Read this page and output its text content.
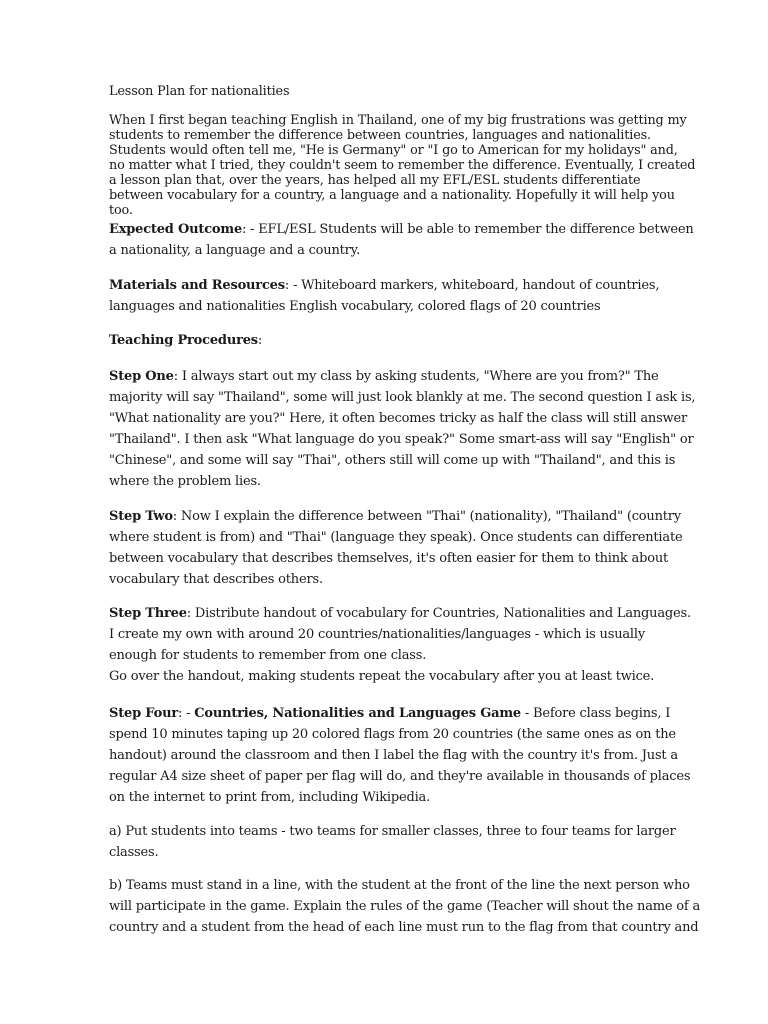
Lesson Plan for nationalities
When I first began teaching English in Thailand, one of my big frustrations was getting my
students to remember the difference between countries, languages and nationalities.
Students would often tell me, "He is Germany" or "I go to American for my holidays" and,
no matter what I tried, they couldn't seem to remember the difference. Eventually, I created
a lesson plan that, over the years, has helped all my EFL/ESL students differentiate
between vocabulary for a country, a language and a nationality. Hopefully it will help you
too.
Expected Outcome: - EFL/ESL Students will be able to remember the difference between
a nationality, a language and a country.
Materials and Resources: - Whiteboard markers, whiteboard, handout of countries,
languages and nationalities English vocabulary, colored flags of 20 countries
Teaching Procedures:
Step One: I always start out my class by asking students, "Where are you from?" The
majority will say "Thailand", some will just look blankly at me. The second question I ask is,
"What nationality are you?" Here, it often becomes tricky as half the class will still answer
"Thailand". I then ask "What language do you speak?" Some smart-ass will say "English" or
"Chinese", and some will say "Thai", others still will come up with "Thailand", and this is
where the problem lies.
Step Two: Now I explain the difference between "Thai" (nationality), "Thailand" (country
where student is from) and "Thai" (language they speak). Once students can differentiate
between vocabulary that describes themselves, it's often easier for them to think about
vocabulary that describes others.
Step Three: Distribute handout of vocabulary for Countries, Nationalities and Languages.
I create my own with around 20 countries/nationalities/languages - which is usually
enough for students to remember from one class.
Go over the handout, making students repeat the vocabulary after you at least twice.
Step Four: - Countries, Nationalities and Languages Game - Before class begins, I
spend 10 minutes taping up 20 colored flags from 20 countries (the same ones as on the
handout) around the classroom and then I label the flag with the country it's from. Just a
regular A4 size sheet of paper per flag will do, and they're available in thousands of places
on the internet to print from, including Wikipedia.
a) Put students into teams - two teams for smaller classes, three to four teams for larger
classes.
b) Teams must stand in a line, with the student at the front of the line the next person who
will participate in the game. Explain the rules of the game (Teacher will shout the name of a
country and a student from the head of each line must run to the flag from that country and
